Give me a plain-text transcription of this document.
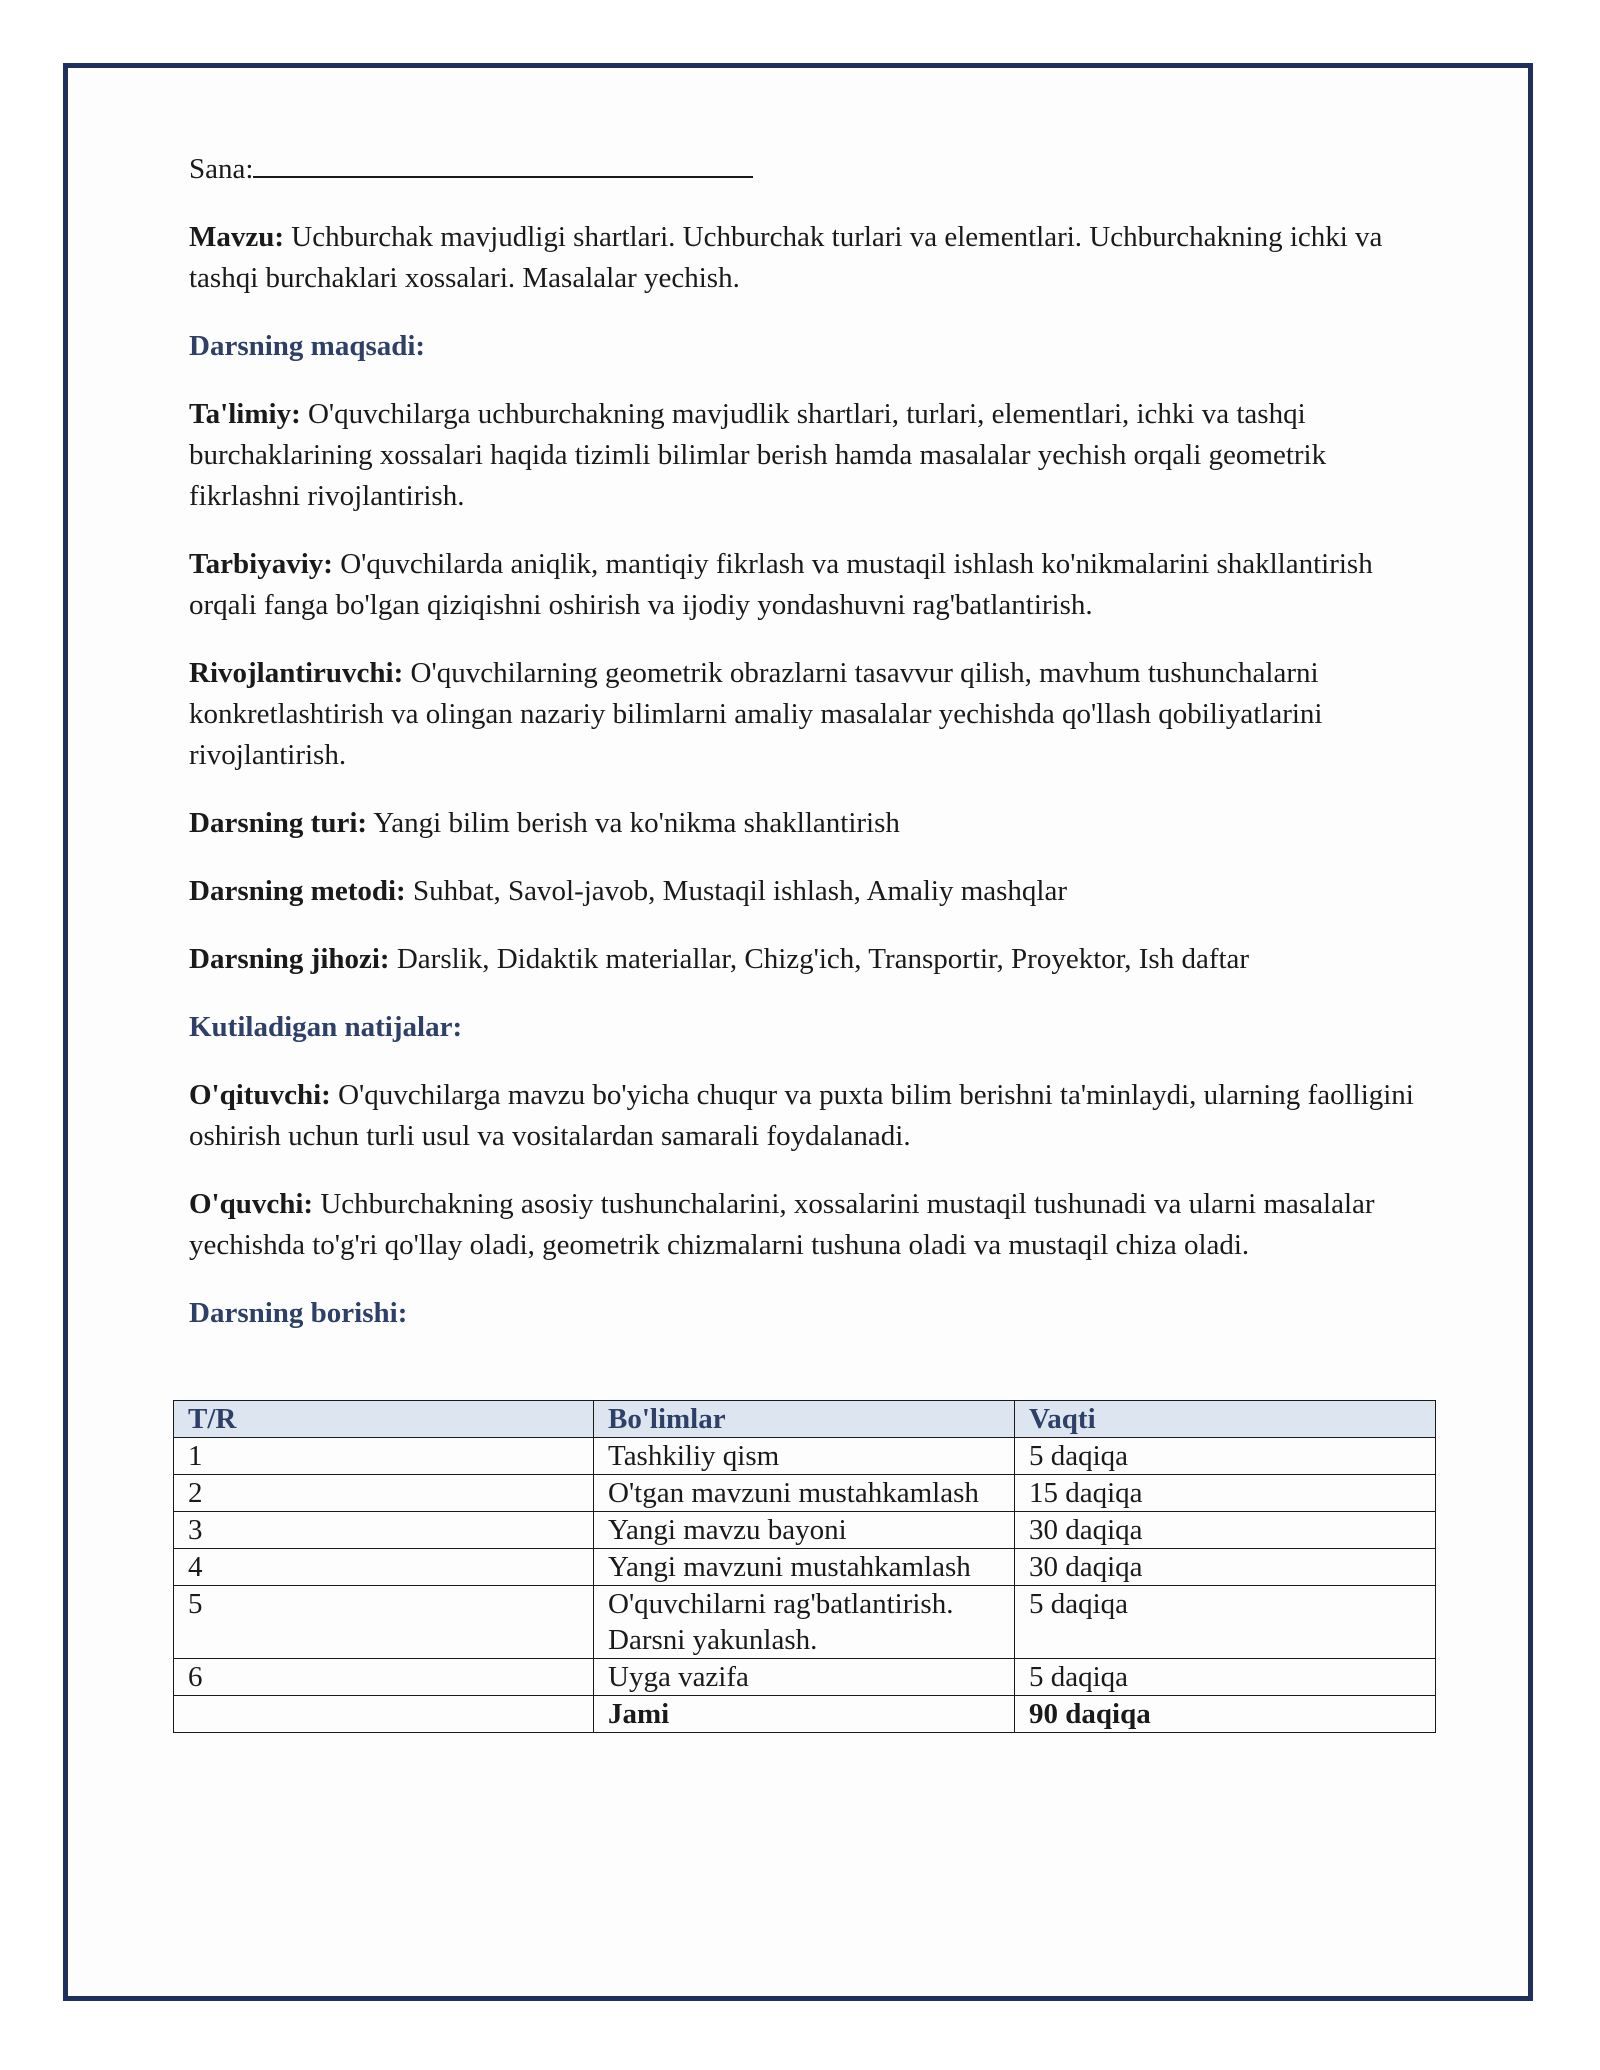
Sana:

Mavzu: Uchburchak mavjudligi shartlari. Uchburchak turlari va elementlari. Uchburchakning ichki va tashqi burchaklari xossalari. Masalalar yechish.

Darsning maqsadi:

Ta'limiy: O'quvchilarga uchburchakning mavjudlik shartlari, turlari, elementlari, ichki va tashqi burchaklarining xossalari haqida tizimli bilimlar berish hamda masalalar yechish orqali geometrik fikrlashni rivojlantirish.

Tarbiyaviy: O'quvchilarda aniqlik, mantiqiy fikrlash va mustaqil ishlash ko'nikmalarini shakllantirish orqali fanga bo'lgan qiziqishni oshirish va ijodiy yondashuvni rag'batlantirish.

Rivojlantiruvchi: O'quvchilarning geometrik obrazlarni tasavvur qilish, mavhum tushunchalarni konkretlashtirish va olingan nazariy bilimlarni amaliy masalalar yechishda qo'llash qobiliyatlarini rivojlantirish.

Darsning turi: Yangi bilim berish va ko'nikma shakllantirish

Darsning metodi: Suhbat, Savol-javob, Mustaqil ishlash, Amaliy mashqlar

Darsning jihozi: Darslik, Didaktik materiallar, Chizg'ich, Transportir, Proyektor, Ish daftar

Kutiladigan natijalar:

O'qituvchi: O'quvchilarga mavzu bo'yicha chuqur va puxta bilim berishni ta'minlaydi, ularning faolligini oshirish uchun turli usul va vositalardan samarali foydalanadi.

O'quvchi: Uchburchakning asosiy tushunchalarini, xossalarini mustaqil tushunadi va ularni masalalar yechishda to'g'ri qo'llay oladi, geometrik chizmalarni tushuna oladi va mustaqil chiza oladi.

Darsning borishi:

T/R	Bo'limlar	Vaqti
1	Tashkiliy qism	5 daqiqa
2	O'tgan mavzuni mustahkamlash	15 daqiqa
3	Yangi mavzu bayoni	30 daqiqa
4	Yangi mavzuni mustahkamlash	30 daqiqa
5	O'quvchilarni rag'batlantirish. Darsni yakunlash.	5 daqiqa
6	Uyga vazifa	5 daqiqa
	Jami	90 daqiqa
